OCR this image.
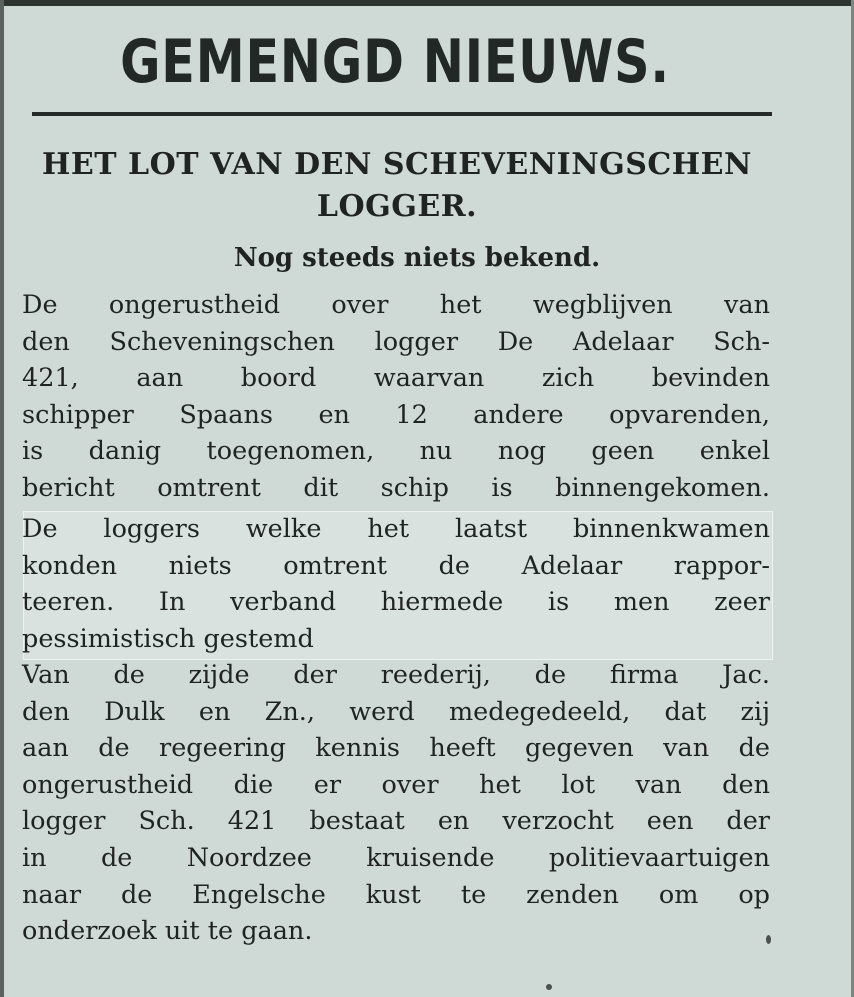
GEMENGD NIEUWS.
HET LOT VAN DEN SCHEVENINGSCHEN
LOGGER.
Nog steeds niets bekend.
De ongerustheid over het wegblijven van
den Scheveningschen logger De Adelaar Sch-
421, aan boord waarvan zich bevinden
schipper Spaans en 12 andere opvarenden,
is danig toegenomen, nu nog geen enkel
bericht omtrent dit schip is binnengekomen.
De loggers welke het laatst binnenkwamen
konden niets omtrent de Adelaar rappor-
teeren. In verband hiermede is men zeer
pessimistisch gestemd
Van de zijde der reederij, de firma Jac.
den Dulk en Zn., werd medegedeeld, dat zij
aan de regeering kennis heeft gegeven van de
ongerustheid die er over het lot van den
logger Sch. 421 bestaat en verzocht een der
in de Noordzee kruisende politievaartuigen
naar de Engelsche kust te zenden om op
onderzoek uit te gaan.
